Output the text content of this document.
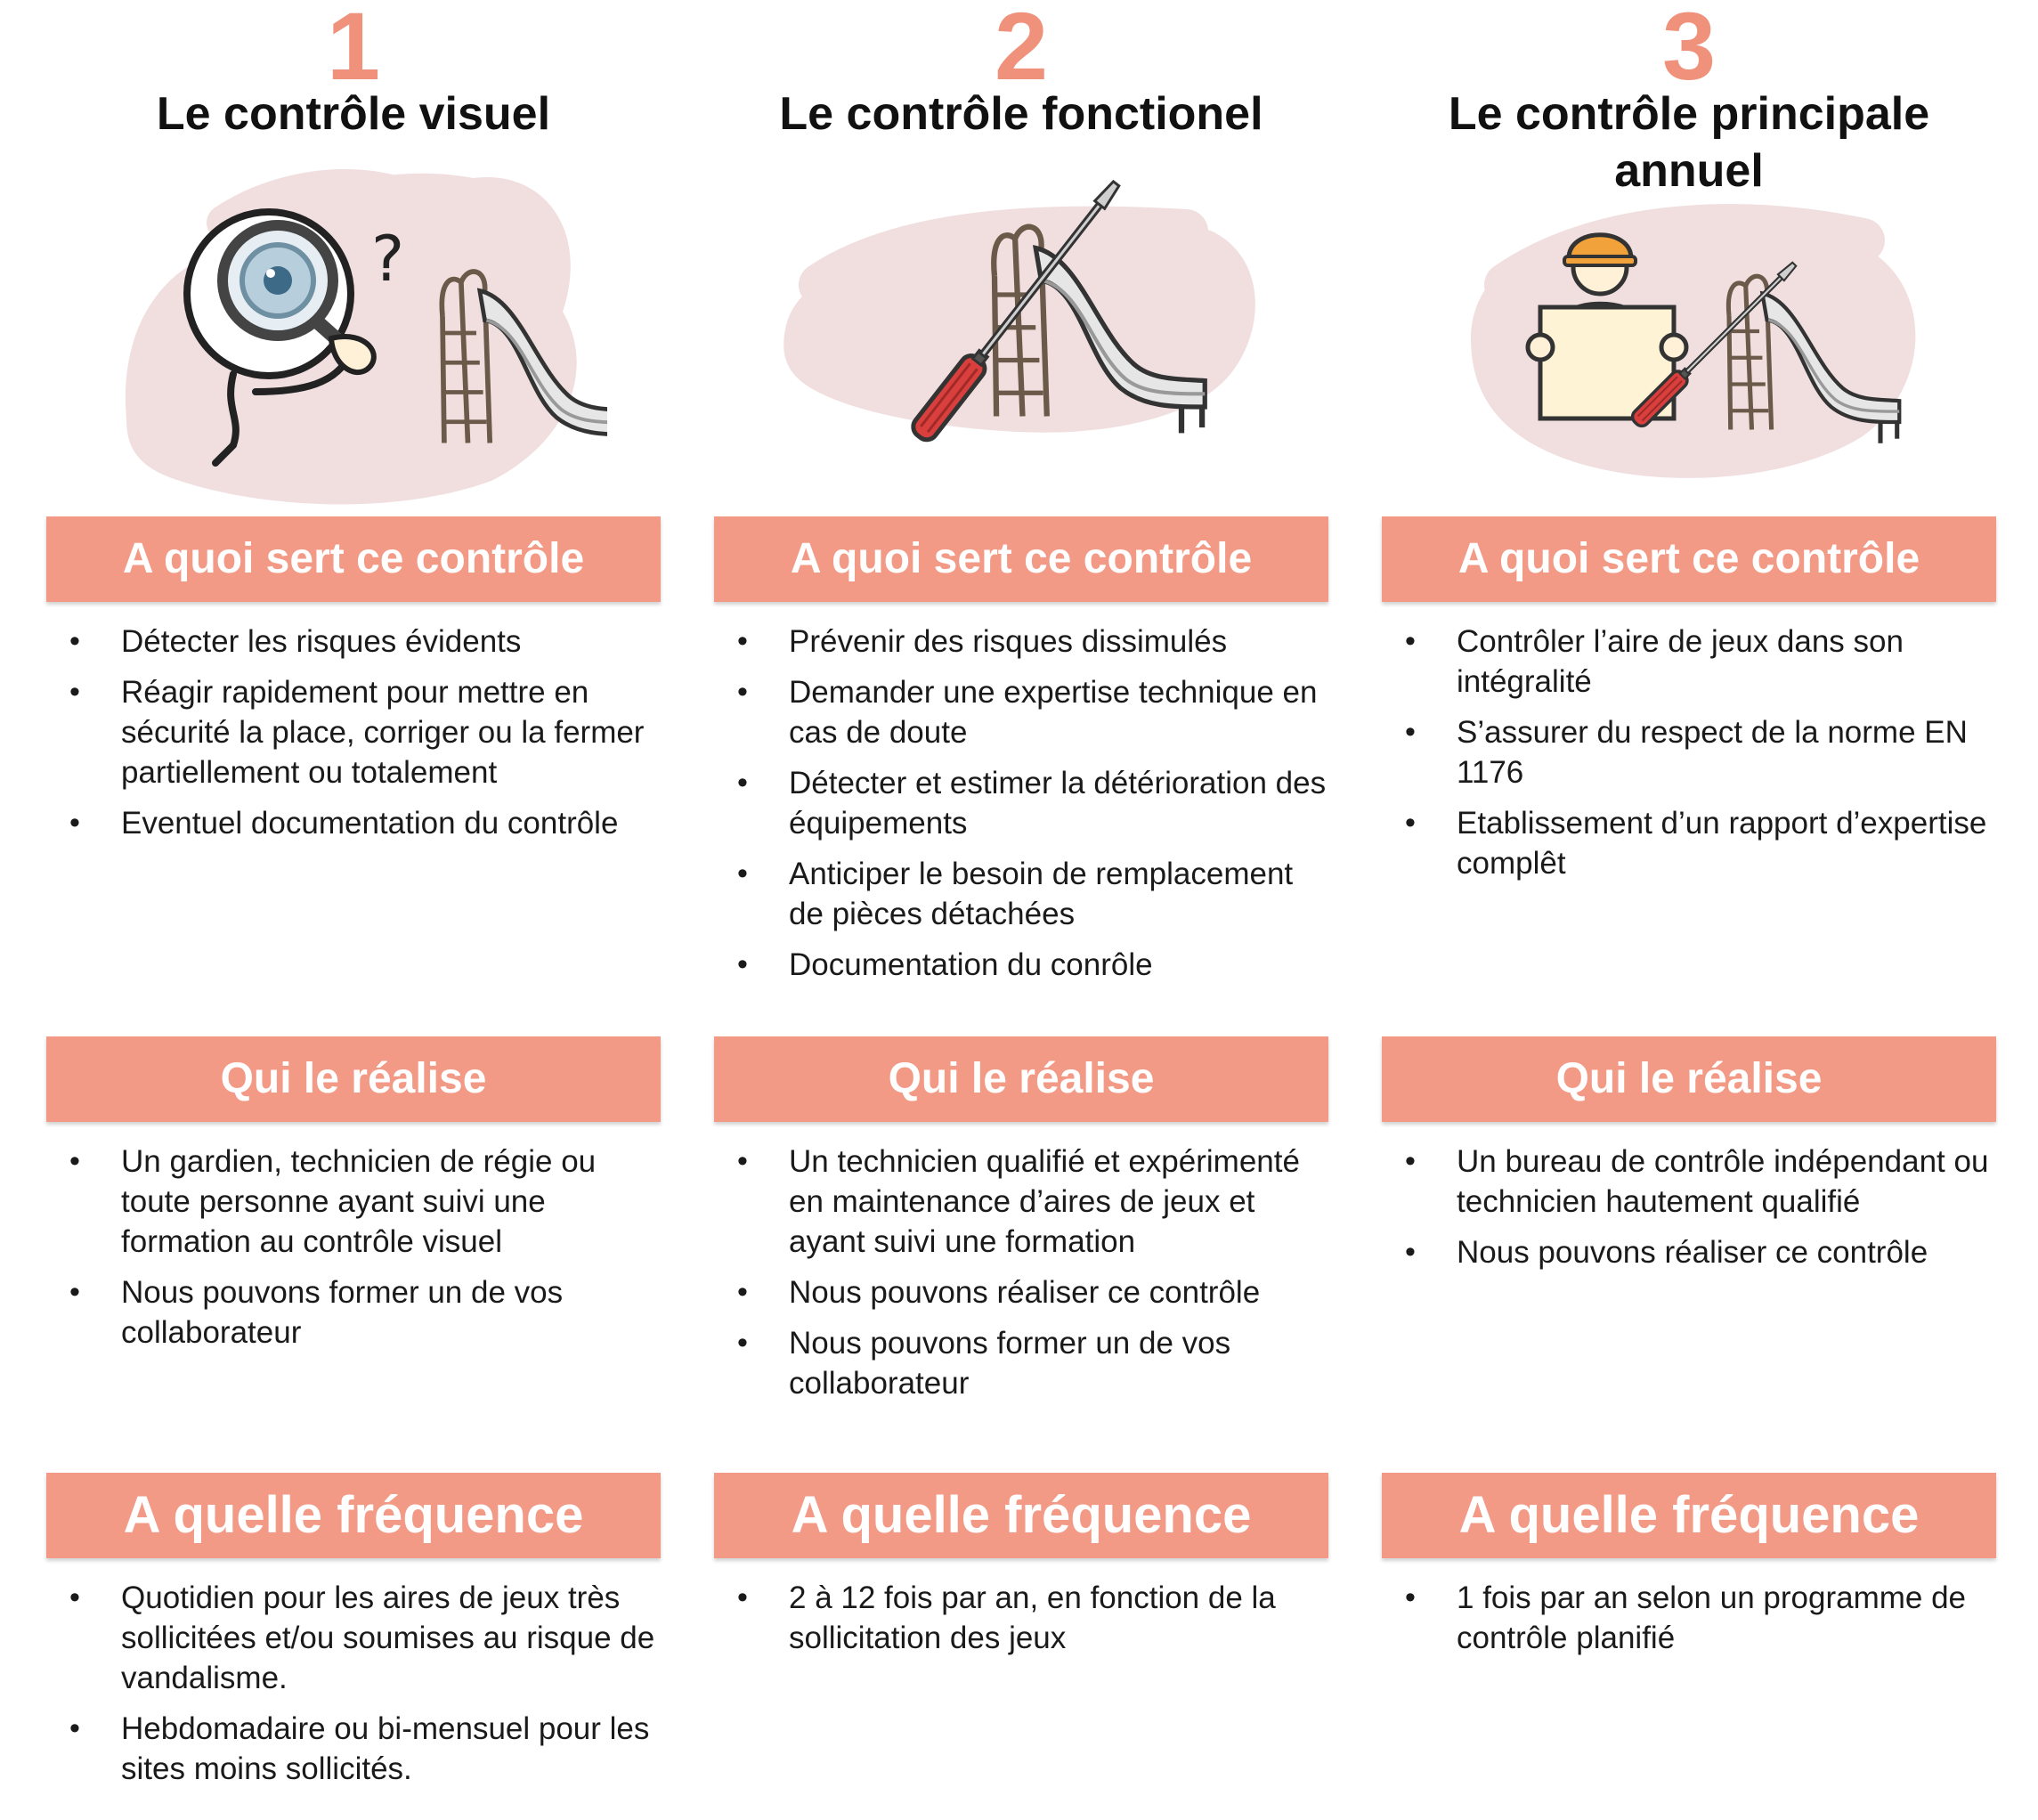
1
Le contrôle visuel
?
A quoi sert ce contrôle
• Détecter les risques évidents
• Réagir rapidement pour mettre en sécurité la place, corriger ou la fermer partiellement ou totalement
• Eventuel documentation du contrôle
Qui le réalise
• Un gardien, technicien de régie ou toute personne ayant suivi une formation au contrôle visuel
• Nous pouvons former un de vos collaborateur
A quelle fréquence
• Quotidien pour les aires de jeux très sollicitées et/ou soumises au risque de vandalisme.
• Hebdomadaire ou bi-mensuel pour les sites moins sollicités.
2
Le contrôle fonctionel
A quoi sert ce contrôle
• Prévenir des risques dissimulés
• Demander une expertise technique en cas de doute
• Détecter et estimer la détérioration des équipements
• Anticiper le besoin de remplacement de pièces détachées
• Documentation du conrôle
Qui le réalise
• Un technicien qualifié et expérimenté en maintenance d’aires de jeux et ayant suivi une formation
• Nous pouvons réaliser ce contrôle
• Nous pouvons former un de vos collaborateur
A quelle fréquence
• 2 à 12 fois par an, en fonction de la sollicitation des jeux
3
Le contrôle principale annuel
A quoi sert ce contrôle
• Contrôler l’aire de jeux dans son intégralité
• S’assurer du respect de la norme EN 1176
• Etablissement d’un rapport d’expertise complêt
Qui le réalise
• Un bureau de contrôle indépendant ou technicien hautement qualifié
• Nous pouvons réaliser ce contrôle
A quelle fréquence
• 1 fois par an selon un programme de contrôle planifié
